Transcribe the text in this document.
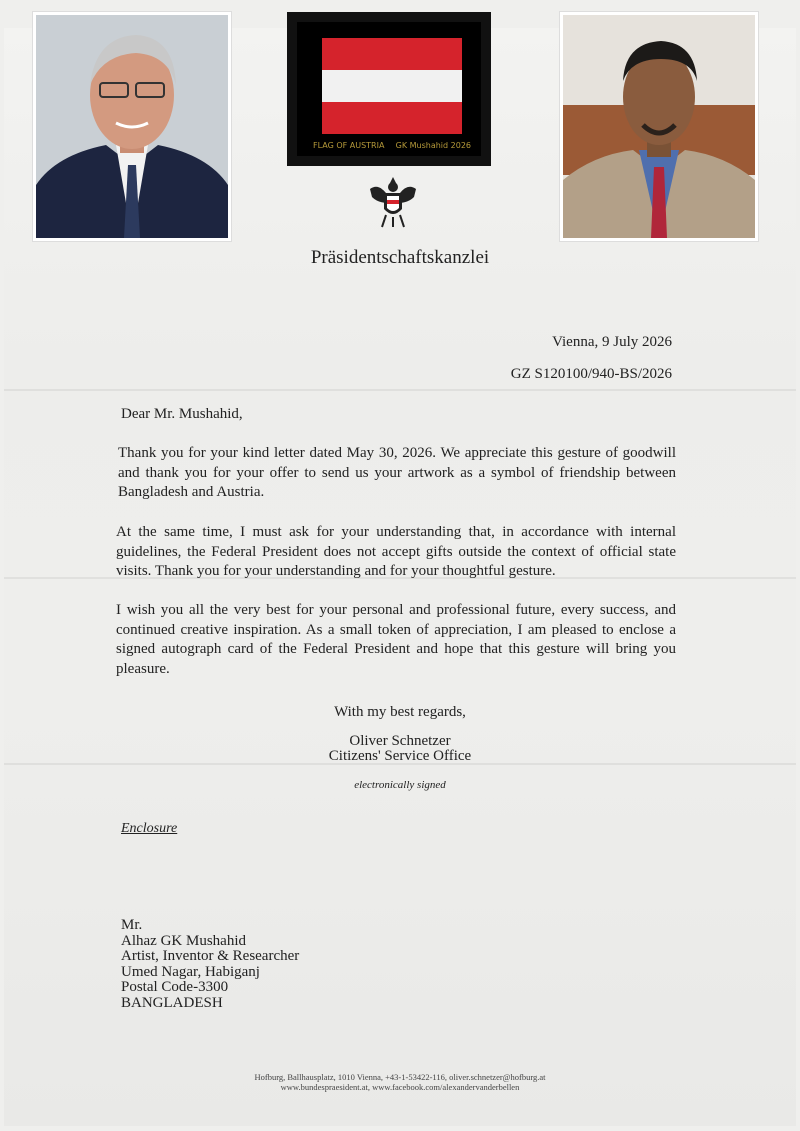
FLAG OF AUSTRIA GK Mushahid 2026
Präsidentschaftskanzlei
Vienna, 9 July 2026
GZ S120100/940-BS/2026
Dear Mr. Mushahid,
Thank you for your kind letter dated May 30, 2026. We appreciate this gesture of goodwill and thank you for your offer to send us your artwork as a symbol of friendship between Bangladesh and Austria.
At the same time, I must ask for your understanding that, in accordance with internal guidelines, the Federal President does not accept gifts outside the context of official state visits. Thank you for your understanding and for your thoughtful gesture.
I wish you all the very best for your personal and professional future, every success, and continued creative inspiration. As a small token of appreciation, I am pleased to enclose a signed autograph card of the Federal President and hope that this gesture will bring you pleasure.
With my best regards,
Oliver Schnetzer
Citizens' Service Office
electronically signed
Enclosure
Mr.
Alhaz GK Mushahid
Artist, Inventor & Researcher
Umed Nagar, Habiganj
Postal Code-3300
BANGLADESH
Hofburg, Ballhausplatz, 1010 Vienna, +43-1-53422-116, oliver.schnetzer@hofburg.at
www.bundespraesident.at, www.facebook.com/alexandervanderbellen
